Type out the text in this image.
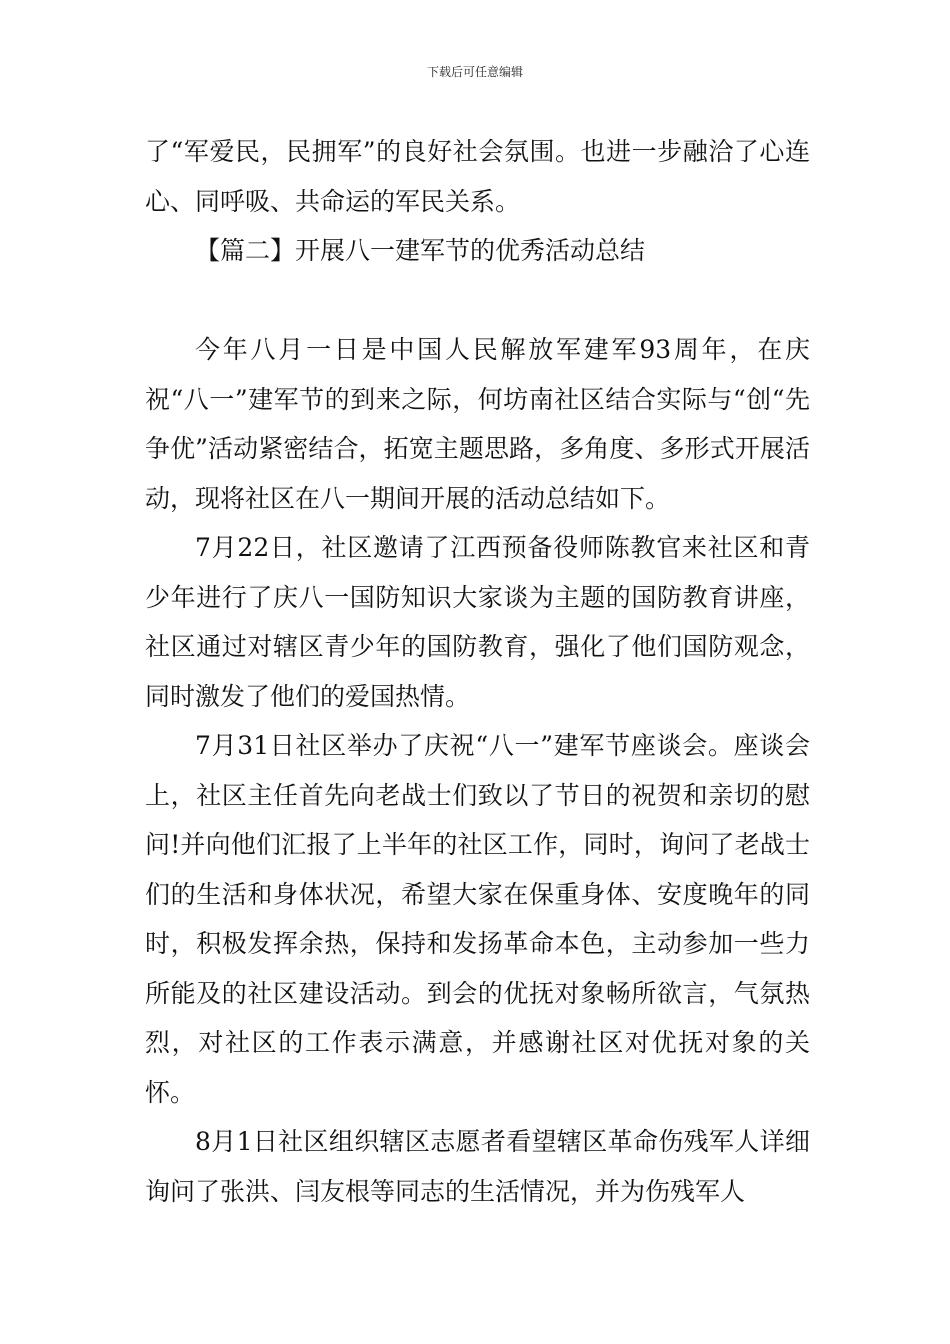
下载后可任意编辑

了“军爱民，民拥军”的良好社会氛围。也进一步融洽了心连心、同呼吸、共命运的军民关系。

【篇二】开展八一建军节的优秀活动总结

今年八月一日是中国人民解放军建军93周年，在庆祝“八一”建军节的到来之际，何坊南社区结合实际与“创“先争优”活动紧密结合，拓宽主题思路，多角度、多形式开展活动，现将社区在八一期间开展的活动总结如下。

7月22日，社区邀请了江西预备役师陈教官来社区和青少年进行了庆八一国防知识大家谈为主题的国防教育讲座，社区通过对辖区青少年的国防教育，强化了他们国防观念，同时激发了他们的爱国热情。

7月31日社区举办了庆祝“八一”建军节座谈会。座谈会上，社区主任首先向老战士们致以了节日的祝贺和亲切的慰问!并向他们汇报了上半年的社区工作，同时，询问了老战士们的生活和身体状况，希望大家在保重身体、安度晚年的同时，积极发挥余热，保持和发扬革命本色，主动参加一些力所能及的社区建设活动。到会的优抚对象畅所欲言，气氛热烈，对社区的工作表示满意，并感谢社区对优抚对象的关怀。

8月1日社区组织辖区志愿者看望辖区革命伤残军人详细询问了张洪、闫友根等同志的生活情况，并为伤残军人
